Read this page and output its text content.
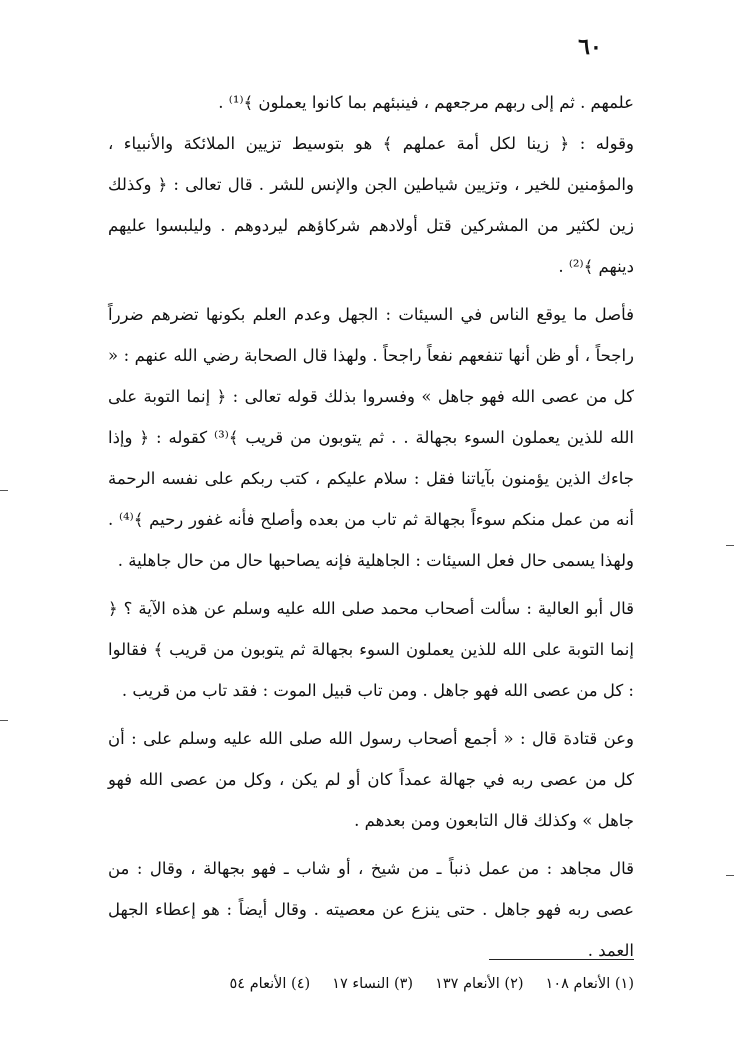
٦٠

علمهم . ثم إلى ربهم مرجعهم ، فينبئهم بما كانوا يعملون ﴾⁽¹⁾ .

وقوله : ﴿ زينا لكل أمة عملهم ﴾ هو بتوسيط تزيين الملائكة والأنبياء ، والمؤمنين للخير ، وتزيين شياطين الجن والإنس للشر . قال تعالى : ﴿ وكذلك زين لكثير من المشركين قتل أولادهم شركاؤهم ليردوهم . وليلبسوا عليهم دينهم ﴾⁽²⁾ .

فأصل ما يوقع الناس في السيئات : الجهل وعدم العلم بكونها تضرهم ضرراً راجحاً ، أو ظن أنها تنفعهم نفعاً راجحاً . ولهذا قال الصحابة رضي الله عنهم : « كل من عصى الله فهو جاهل » وفسروا بذلك قوله تعالى : ﴿ إنما التوبة على الله للذين يعملون السوء بجهالة . . ثم يتوبون من قريب ﴾⁽³⁾ كقوله : ﴿ وإذا جاءك الذين يؤمنون بآياتنا فقل : سلام عليكم ، كتب ربكم على نفسه الرحمة أنه من عمل منكم سوءاً بجهالة ثم تاب من بعده وأصلح فأنه غفور رحيم ﴾⁽⁴⁾ . ولهذا يسمى حال فعل السيئات : الجاهلية فإنه يصاحبها حال من حال جاهلية .

قال أبو العالية : سألت أصحاب محمد صلى الله عليه وسلم عن هذه الآية ؟ ﴿ إنما التوبة على الله للذين يعملون السوء بجهالة ثم يتوبون من قريب ﴾ فقالوا : كل من عصى الله فهو جاهل . ومن تاب قبيل الموت : فقد تاب من قريب .

وعن قتادة قال : « أجمع أصحاب رسول الله صلى الله عليه وسلم على : أن كل من عصى ربه في جهالة عمداً كان أو لم يكن ، وكل من عصى الله فهو جاهل » وكذلك قال التابعون ومن بعدهم .

قال مجاهد : من عمل ذنباً ـ من شيخ ، أو شاب ـ فهو بجهالة ، وقال : من عصى ربه فهو جاهل . حتى ينزع عن معصيته . وقال أيضاً : هو إعطاء الجهل العمد .

(١) الأنعام ١٠٨
(٢) الأنعام ١٣٧
(٣) النساء ١٧
(٤) الأنعام ٥٤
